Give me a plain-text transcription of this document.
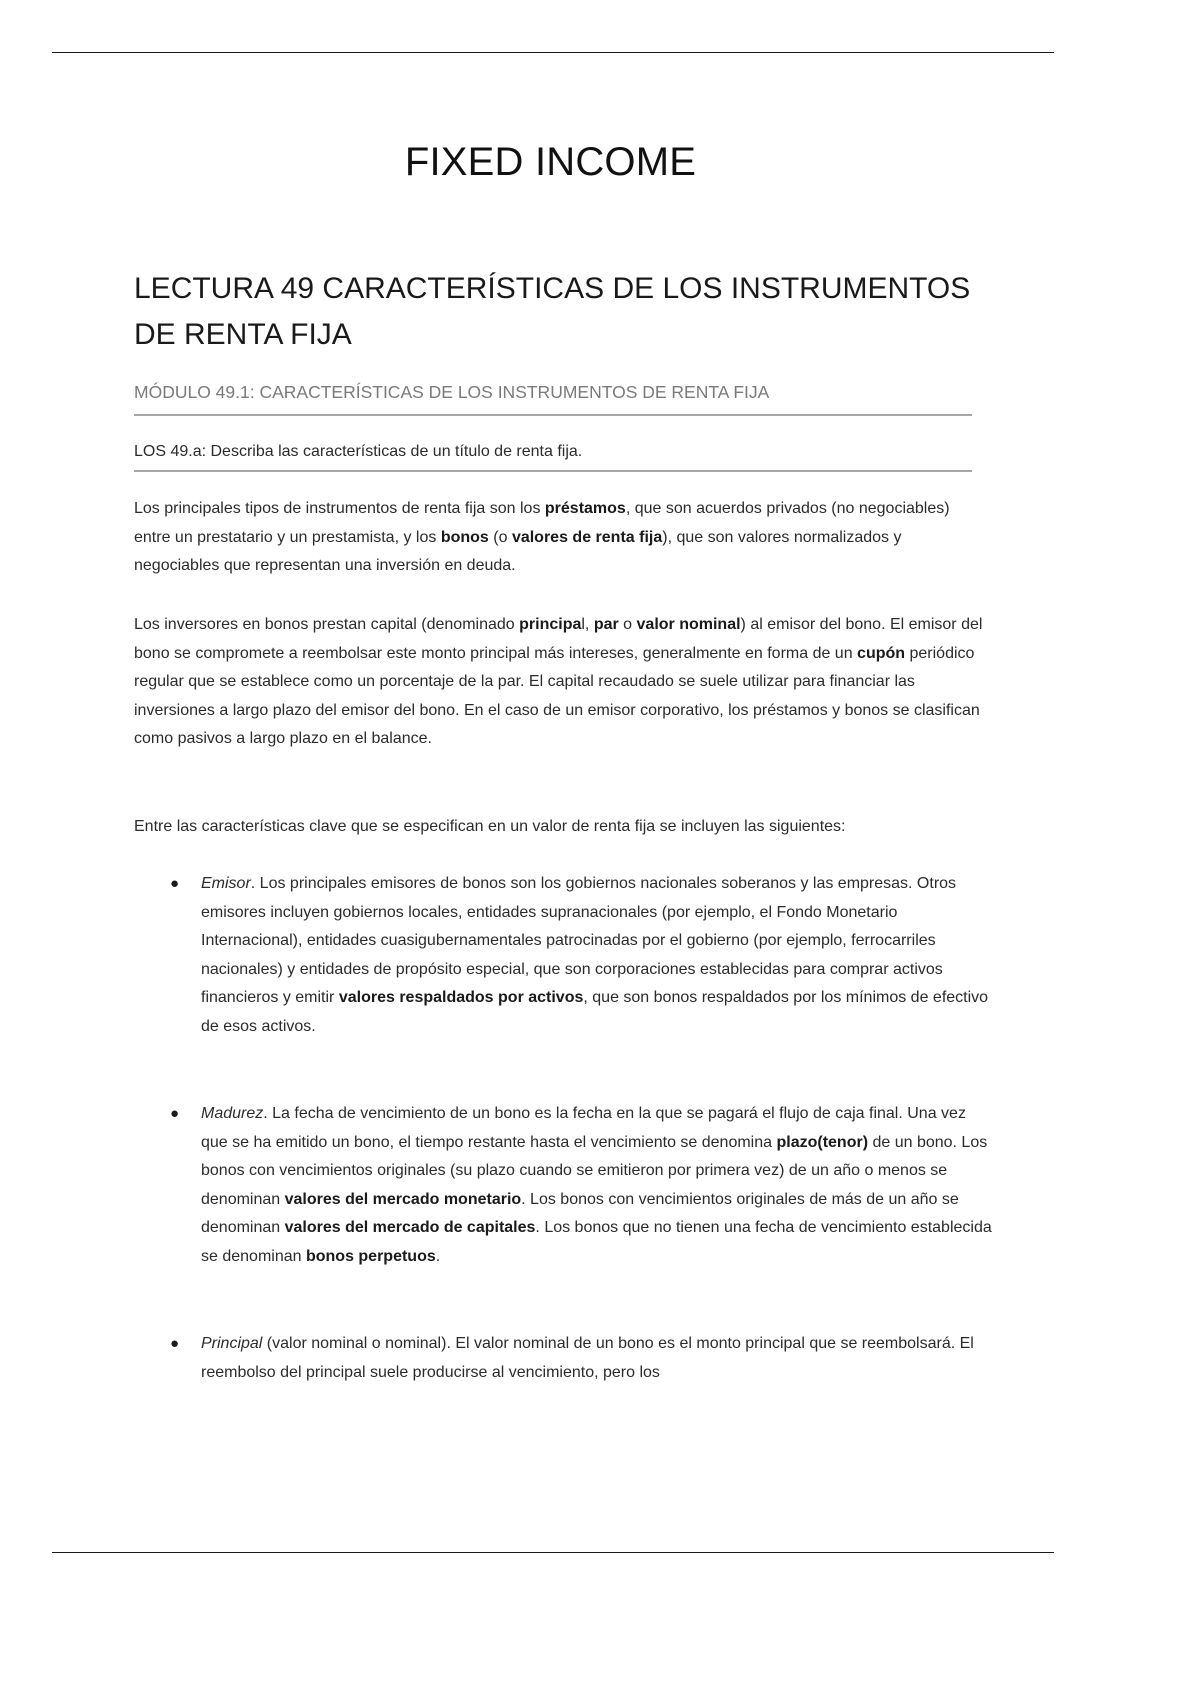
FIXED INCOME
LECTURA 49 CARACTERÍSTICAS DE LOS INSTRUMENTOS DE RENTA FIJA
MÓDULO 49.1: CARACTERÍSTICAS DE LOS INSTRUMENTOS DE RENTA FIJA

LOS 49.a: Describa las características de un título de renta fija.

Los principales tipos de instrumentos de renta fija son los préstamos, que son acuerdos privados (no negociables) entre un prestatario y un prestamista, y los bonos (o valores de renta fija), que son valores normalizados y negociables que representan una inversión en deuda.

Los inversores en bonos prestan capital (denominado principal, par o valor nominal) al emisor del bono. El emisor del bono se compromete a reembolsar este monto principal más intereses, generalmente en forma de un cupón periódico regular que se establece como un porcentaje de la par. El capital recaudado se suele utilizar para financiar las inversiones a largo plazo del emisor del bono. En el caso de un emisor corporativo, los préstamos y bonos se clasifican como pasivos a largo plazo en el balance.

Entre las características clave que se especifican en un valor de renta fija se incluyen las siguientes:

● Emisor. Los principales emisores de bonos son los gobiernos nacionales soberanos y las empresas. Otros emisores incluyen gobiernos locales, entidades supranacionales (por ejemplo, el Fondo Monetario Internacional), entidades cuasigubernamentales patrocinadas por el gobierno (por ejemplo, ferrocarriles nacionales) y entidades de propósito especial, que son corporaciones establecidas para comprar activos financieros y emitir valores respaldados por activos, que son bonos respaldados por los mínimos de efectivo de esos activos.
● Madurez. La fecha de vencimiento de un bono es la fecha en la que se pagará el flujo de caja final. Una vez que se ha emitido un bono, el tiempo restante hasta el vencimiento se denomina plazo(tenor) de un bono. Los bonos con vencimientos originales (su plazo cuando se emitieron por primera vez) de un año o menos se denominan valores del mercado monetario. Los bonos con vencimientos originales de más de un año se denominan valores del mercado de capitales. Los bonos que no tienen una fecha de vencimiento establecida se denominan bonos perpetuos.
● Principal (valor nominal o nominal). El valor nominal de un bono es el monto principal que se reembolsará. El reembolso del principal suele producirse al vencimiento, pero los
